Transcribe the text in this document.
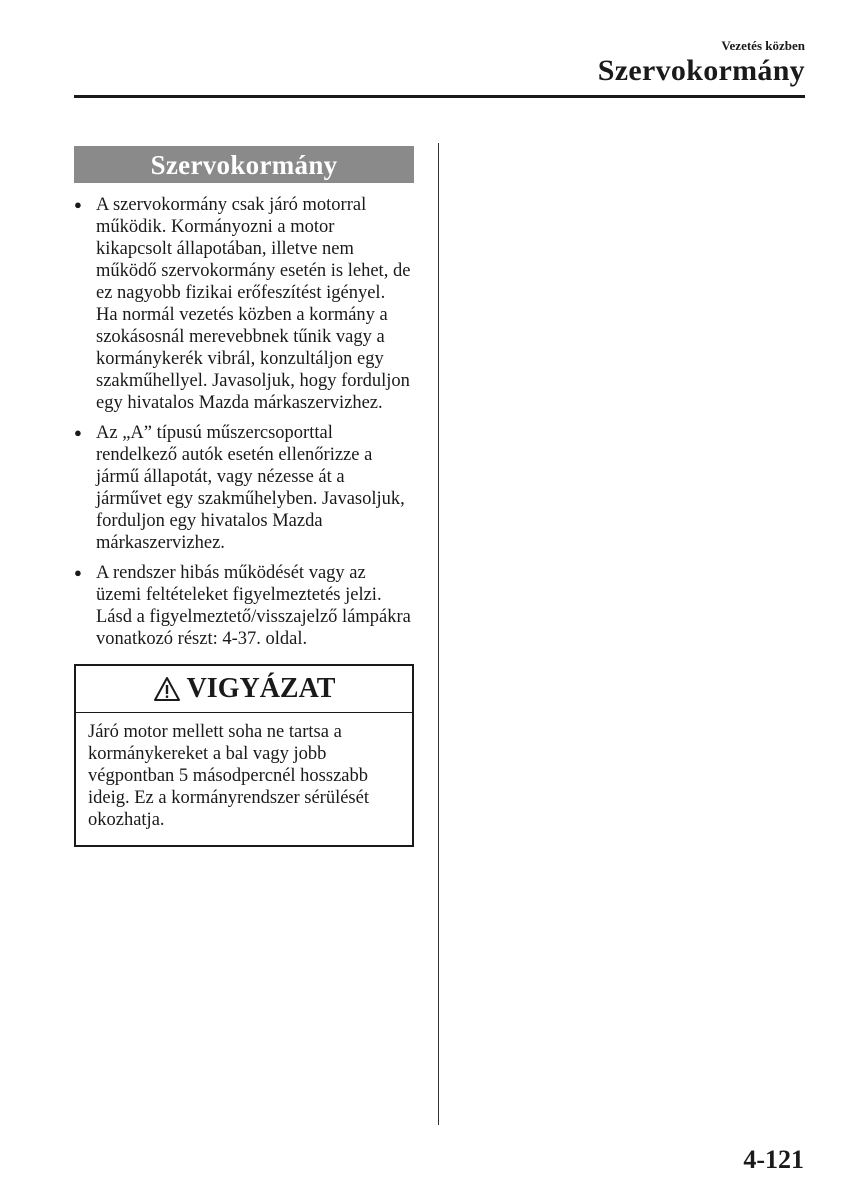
Vezetés közben
Szervokormány
Szervokormány
● A szervokormány csak járó motorral működik. Kormányozni a motor kikapcsolt állapotában, illetve nem működő szervokormány esetén is lehet, de ez nagyobb fizikai erőfeszítést igényel.
Ha normál vezetés közben a kormány a szokásosnál merevebbnek tűnik vagy a kormánykerék vibrál, konzultáljon egy szakműhellyel. Javasoljuk, hogy forduljon egy hivatalos Mazda márkaszervizhez.
● Az „A” típusú műszercsoporttal rendelkező autók esetén ellenőrizze a jármű állapotát, vagy nézesse át a járművet egy szakműhelyben. Javasoljuk, forduljon egy hivatalos Mazda márkaszervizhez.
● A rendszer hibás működését vagy az üzemi feltételeket figyelmeztetés jelzi. Lásd a figyelmeztető/visszajelző lámpákra vonatkozó részt: 4-37. oldal.
VIGYÁZAT
Járó motor mellett soha ne tartsa a kormánykereket a bal vagy jobb végpontban 5 másodpercnél hosszabb ideig. Ez a kormányrendszer sérülését okozhatja.
4-121
